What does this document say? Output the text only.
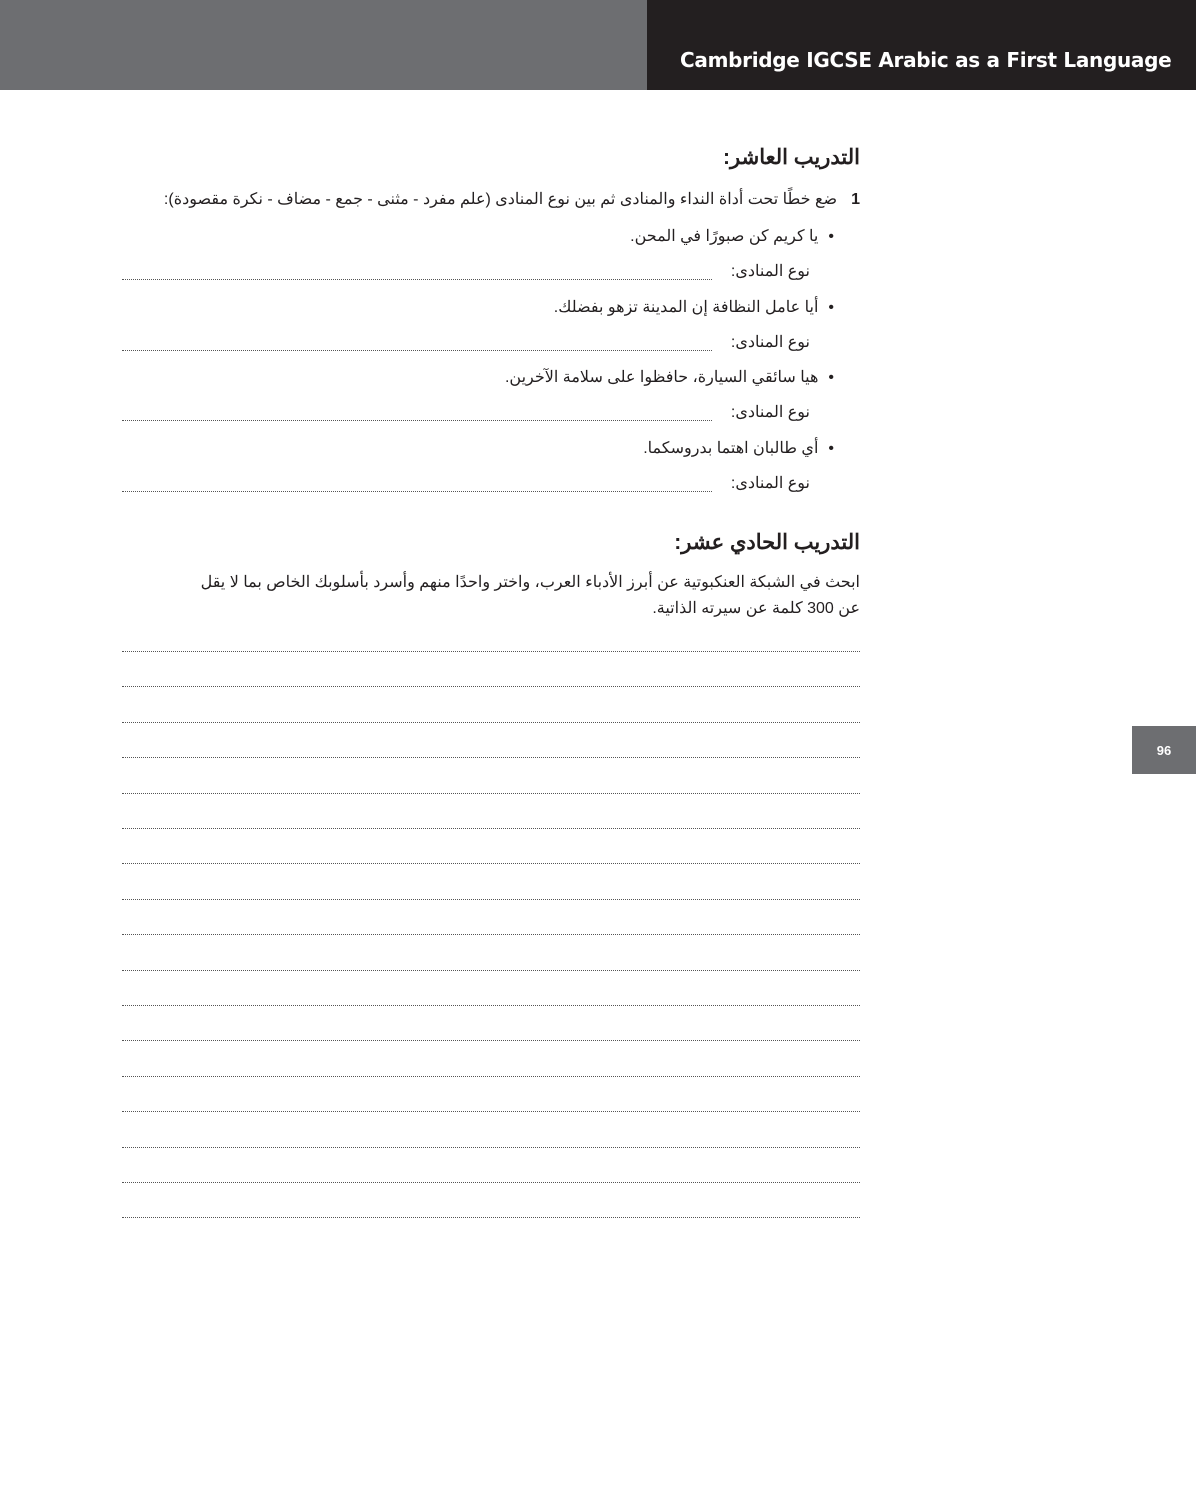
Cambridge IGCSE Arabic as a First Language
96
التدريب العاشر:
1ضع خطًا تحت أداة النداء والمنادى ثم بين نوع المنادى (علم مفرد - مثنى - جمع - مضاف - نكرة مقصودة):
•يا كريم كن صبورًا في المحن.
نوع المنادى:
•أيا عامل النظافة إن المدينة تزهو بفضلك.
نوع المنادى:
•هيا سائقي السيارة، حافظوا على سلامة الآخرين.
نوع المنادى:
•أي طالبان اهتما بدروسكما.
نوع المنادى:
التدريب الحادي عشر:
ابحث في الشبكة العنكبوتية عن أبرز الأدباء العرب، واختر واحدًا منهم وأسرد بأسلوبك الخاص بما لا يقل
عن 300 كلمة عن سيرته الذاتية.
